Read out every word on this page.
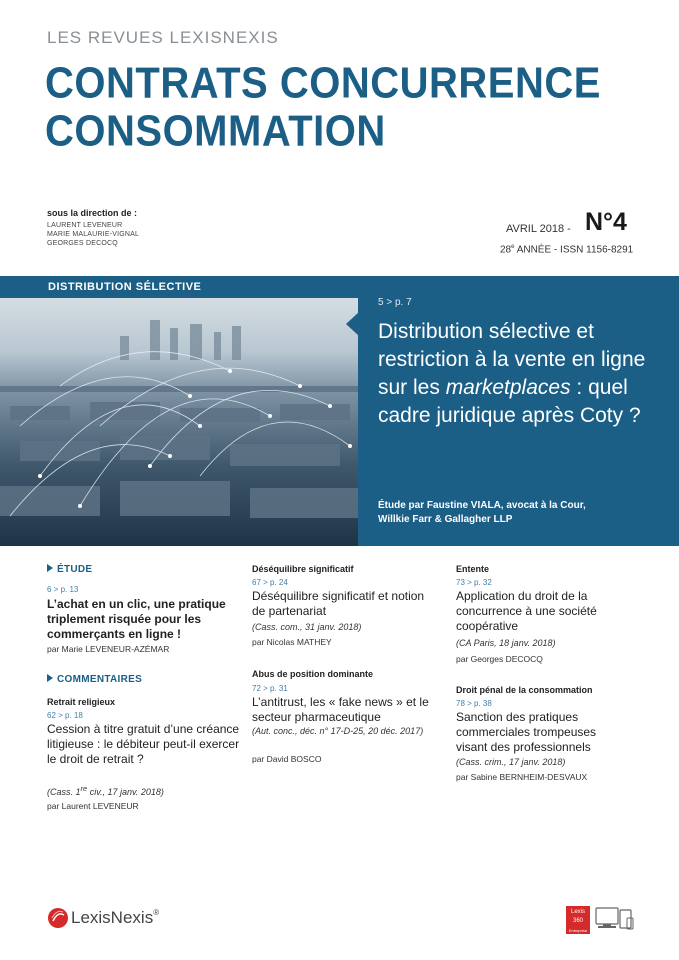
LES REVUES LEXISNEXIS
CONTRATS CONCURRENCE
CONSOMMATION
sous la direction de :
LAURENT LEVENEUR
MARIE MALAURIE-VIGNAL
GEORGES DECOCQ
AVRIL 2018 - N°4
28e ANNÉE - ISSN 1156-8291
DISTRIBUTION SÉLECTIVE
5 > p. 7
Distribution sélective et restriction à la vente en ligne sur les marketplaces : quel cadre juridique après Coty ?
Étude par Faustine VIALA, avocat à la Cour,
Willkie Farr & Gallagher LLP
ÉTUDE
6 > p. 13
L’achat en un clic, une pratique triplement risquée pour les commerçants en ligne !
par Marie LEVENEUR-AZÉMAR
COMMENTAIRES
Retrait religieux
62 > p. 18
Cession à titre gratuit d’une créance litigieuse : le débiteur peut-il exercer le droit de retrait ?
(Cass. 1re civ., 17 janv. 2018)
par Laurent LEVENEUR
Déséquilibre significatif
67 > p. 24
Déséquilibre significatif et notion de partenariat
(Cass. com., 31 janv. 2018)
par Nicolas MATHEY
Abus de position dominante
72 > p. 31
L’antitrust, les « fake news » et le secteur pharmaceutique
(Aut. conc., déc. n° 17-D-25, 20 déc. 2017)
par David BOSCO
Entente
73 > p. 32
Application du droit de la concurrence à une société coopérative
(CA Paris, 18 janv. 2018)
par Georges DECOCQ
Droit pénal de la consommation
78 > p. 38
Sanction des pratiques commerciales trompeuses visant des professionnels
(Cass. crim., 17 janv. 2018)
par Sabine BERNHEIM-DESVAUX
LexisNexis®	Lexis
360
Entreprise
